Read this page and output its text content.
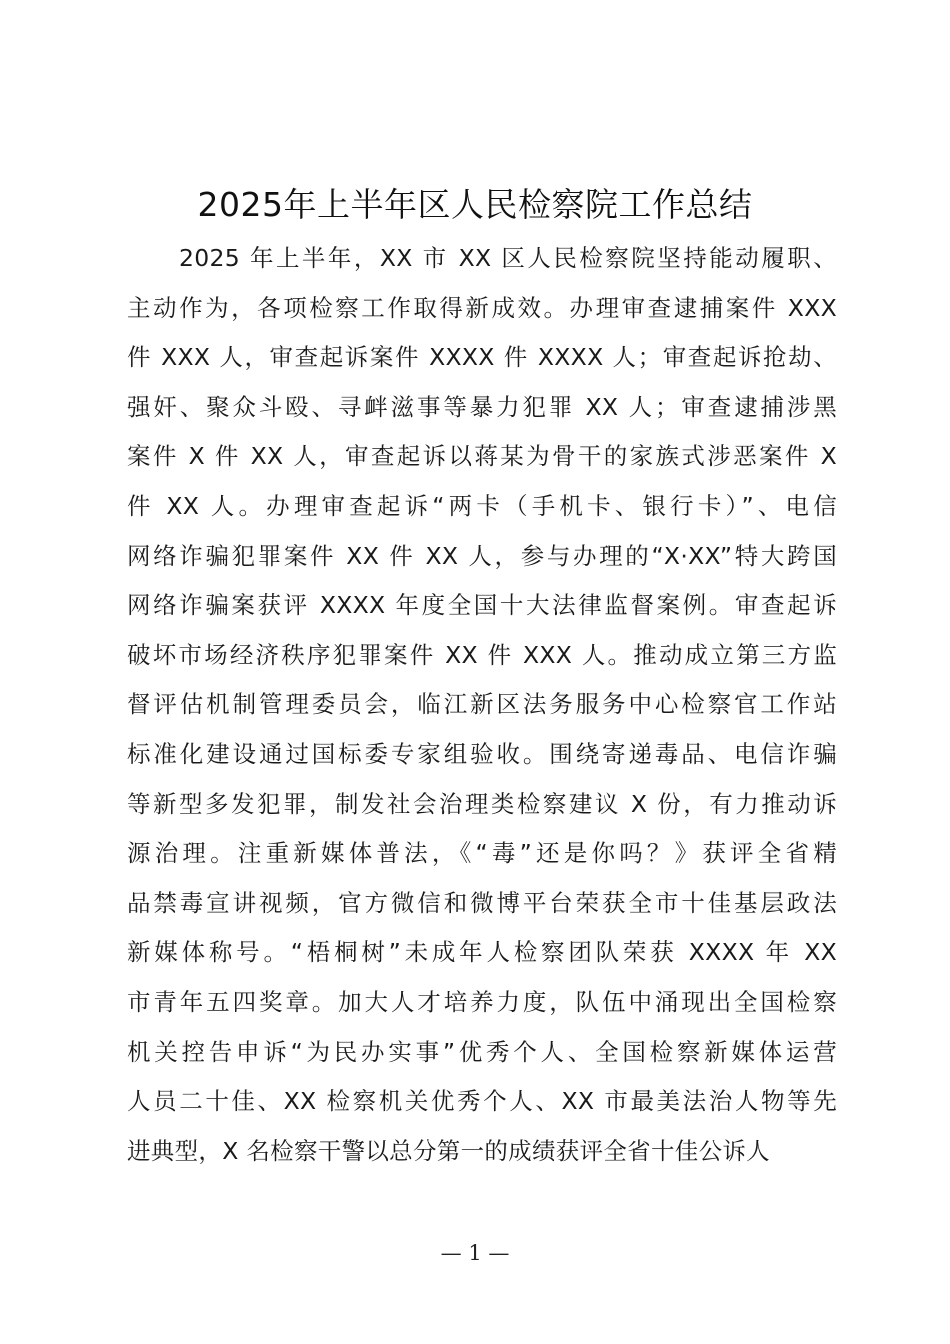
2025年上半年区人民检察院工作总结
2025 年上半年，XX 市 XX 区人民检察院坚持能动履职、
主动作为，各项检察工作取得新成效。办理审查逮捕案件 XXX
件 XXX 人，审查起诉案件 XXXX 件 XXXX 人；审查起诉抢劫、
强奸、聚众斗殴、寻衅滋事等暴力犯罪 XX 人；审查逮捕涉黑
案件 X 件 XX 人，审查起诉以蒋某为骨干的家族式涉恶案件 X
件 XX 人。办理审查起诉“两卡（手机卡、银行卡）”、电信
网络诈骗犯罪案件 XX 件 XX 人，参与办理的“X·XX”特大跨国
网络诈骗案获评 XXXX 年度全国十大法律监督案例。审查起诉
破坏市场经济秩序犯罪案件 XX 件 XXX 人。推动成立第三方监
督评估机制管理委员会，临江新区法务服务中心检察官工作站
标准化建设通过国标委专家组验收。围绕寄递毒品、电信诈骗
等新型多发犯罪，制发社会治理类检察建议 X 份，有力推动诉
源治理。注重新媒体普法，《“毒”还是你吗？》获评全省精
品禁毒宣讲视频，官方微信和微博平台荣获全市十佳基层政法
新媒体称号。“梧桐树”未成年人检察团队荣获 XXXX 年 XX
市青年五四奖章。加大人才培养力度，队伍中涌现出全国检察
机关控告申诉“为民办实事”优秀个人、全国检察新媒体运营
人员二十佳、XX 检察机关优秀个人、XX 市最美法治人物等先
进典型，X 名检察干警以总分第一的成绩获评全省十佳公诉人
— 1 —
